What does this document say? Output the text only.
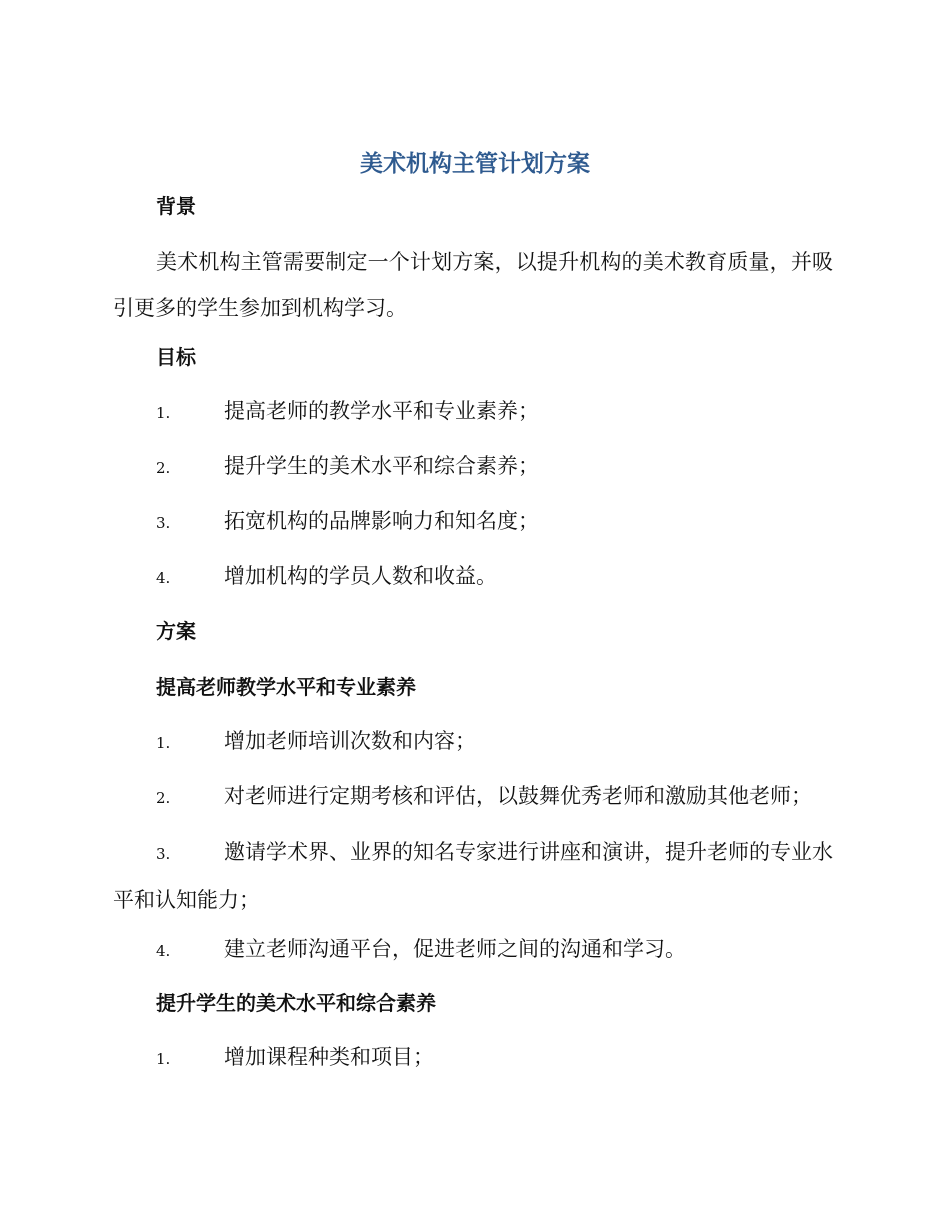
美术机构主管计划方案
背景

美术机构主管需要制定一个计划方案，以提升机构的美术教育质量，并吸引更多的学生参加到机构学习。

目标

1.	提高老师的教学水平和专业素养；

2.	提升学生的美术水平和综合素养；

3.	拓宽机构的品牌影响力和知名度；

4.	增加机构的学员人数和收益。

方案
提高老师教学水平和专业素养

1.	增加老师培训次数和内容；

2.	对老师进行定期考核和评估，以鼓舞优秀老师和激励其他老师；

3.	邀请学术界、业界的知名专家进行讲座和演讲，提升老师的专业水平和认知能力；

4.	建立老师沟通平台，促进老师之间的沟通和学习。

提升学生的美术水平和综合素养

1.	增加课程种类和项目；
